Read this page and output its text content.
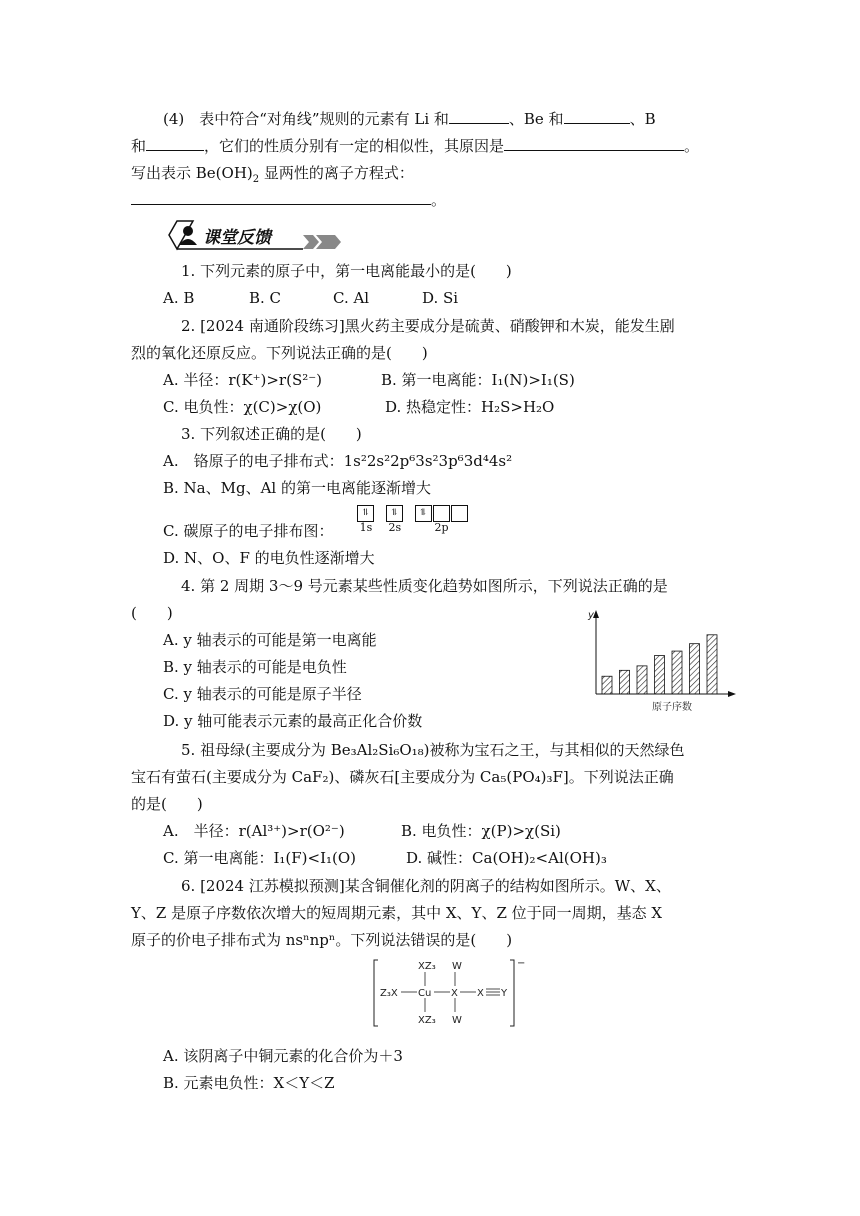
(4)　表中符合“对角线”规则的元素有 Li 和	、Be 和	、B
和	，它们的性质分别有一定的相似性，其原因是	。
写出表示 $Be(OH)_2$ 显两性的离子方程式：
。
课堂反馈
1. 下列元素的原子中，第一电离能最小的是(　　)
A. B	B. C	C. Al	D. Si
2. [2024 南通阶段练习]黑火药主要成分是硫黄、硝酸钾和木炭，能发生剧
烈的氧化还原反应。下列说法正确的是(　　)
A. 半径：r(K⁺)>r(S²⁻)	B. 第一电离能：I₁(N)>I₁(S)
C. 电负性：χ(C)>χ(O)	D. 热稳定性：H₂S>H₂O
3. 下列叙述正确的是(　　)
A.　铬原子的电子排布式：1s²2s²2p⁶3s²3p⁶3d⁴4s²
B. Na、Mg、Al 的第一电离能逐渐增大
C. 碳原子的电子排布图：
⥮
1s
⥮
2s
⥮
2p
D. N、O、F 的电负性逐渐增大
4. 第 2 周期 3～9 号元素某些性质变化趋势如图所示，下列说法正确的是
(　　)
A. y 轴表示的可能是第一电离能
B. y 轴表示的可能是电负性
C. y 轴表示的可能是原子半径
D. y 轴可能表示元素的最高正化合价数
y
原子序数
5. 祖母绿(主要成分为 Be₃Al₂Si₆O₁₈)被称为宝石之王，与其相似的天然绿色
宝石有萤石(主要成分为 CaF₂)、磷灰石[主要成分为 Ca₅(PO₄)₃F]。下列说法正确
的是(　　)
A.　半径：r(Al³⁺)>r(O²⁻)	B. 电负性：χ(P)>χ(Si)
C. 第一电离能：I₁(F)<I₁(O)	D. 碱性：Ca(OH)₂<Al(OH)₃
6. [2024 江苏模拟预测]某含铜催化剂的阴离子的结构如图所示。W、X、
Y、Z 是原子序数依次增大的短周期元素，其中 X、Y、Z 位于同一周期，基态 X
原子的价电子排布式为 nsⁿnpⁿ。下列说法错误的是(　　)
−
XZ₃ W
Z₃X Cu X X Y
XZ₃ W
A. 该阴离子中铜元素的化合价为＋3
B. 元素电负性：X＜Y＜Z
